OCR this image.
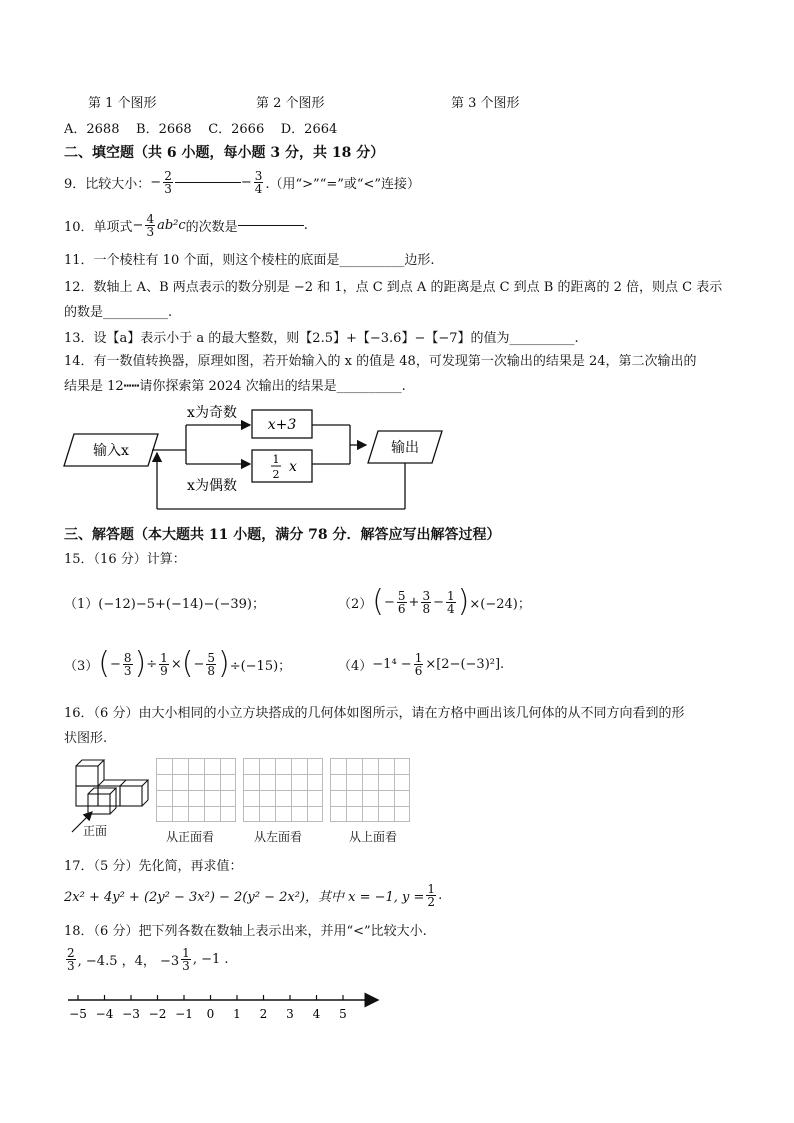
第 1 个图形	第 2 个图形	第 3 个图形
A．2688 B．2668 C．2666 D．2664
二、填空题（共 6 小题，每小题 3 分，共 18 分）
9．比较大小： − $\frac{2}{3}$	− $\frac{3}{4}$ .（用“>”“=”或“<”连接）
10．单项式 − $\frac{4}{3} ab^2c$ 的次数是	.
11．一个棱柱有 10 个面，则这个棱柱的底面是__________边形.
12．数轴上 A、B 两点表示的数分别是 −2 和 1，点 C 到点 A 的距离是点 C 到点 B 的距离的 2 倍，则点 C 表示
的数是__________.
13．设【a】表示小于 a 的最大整数，则【2.5】+【−3.6】−【−7】的值为__________.
14．有一数值转换器，原理如图，若开始输入的 x 的值是 48，可发现第一次输出的结果是 24，第二次输出的
结果是 12┅┅请你探索第 2024 次输出的结果是__________.
输入x
x为奇数
x为偶数
x+3
1
2 x
输出
三、解答题（本大题共 11 小题，满分 78 分．解答应写出解答过程）
15．（16 分）计算：
（1） (−12)−5+(−14)−(−39)；	（2） ( − $\frac{5}{6} + \frac{3}{8} - \frac{1}{4}$ ) ×(−24)；
（3） ( − $\frac{8}{3}$ ) ÷ $\frac{1}{9}$ × ( − $\frac{5}{8}$ ) ÷(−15)；	$(4) -1^4 - \frac{1}{6} \times[2-(-3)^2]$.
16．（6 分）由大小相同的小立方块搭成的几何体如图所示，请在方格中画出该几何体的从不同方向看到的形
状图形.
正面	从正面看	从左面看	从上面看
17．（5 分）先化简，再求值：
2x² + 4y² + (2y² − 3x²) − 2(y² − 2x²)，其中 x = −1, $y = \frac{1}{2}$ .
18．（6 分）把下列各数在数轴上表示出来，并用“<”比较大小.
$\frac{2}{3}$ , −4.5 ，4， $-3 \frac{1}{3}$ , −1 .
−5 −4 −3 −2 −1 0 1 2 3 4 5
